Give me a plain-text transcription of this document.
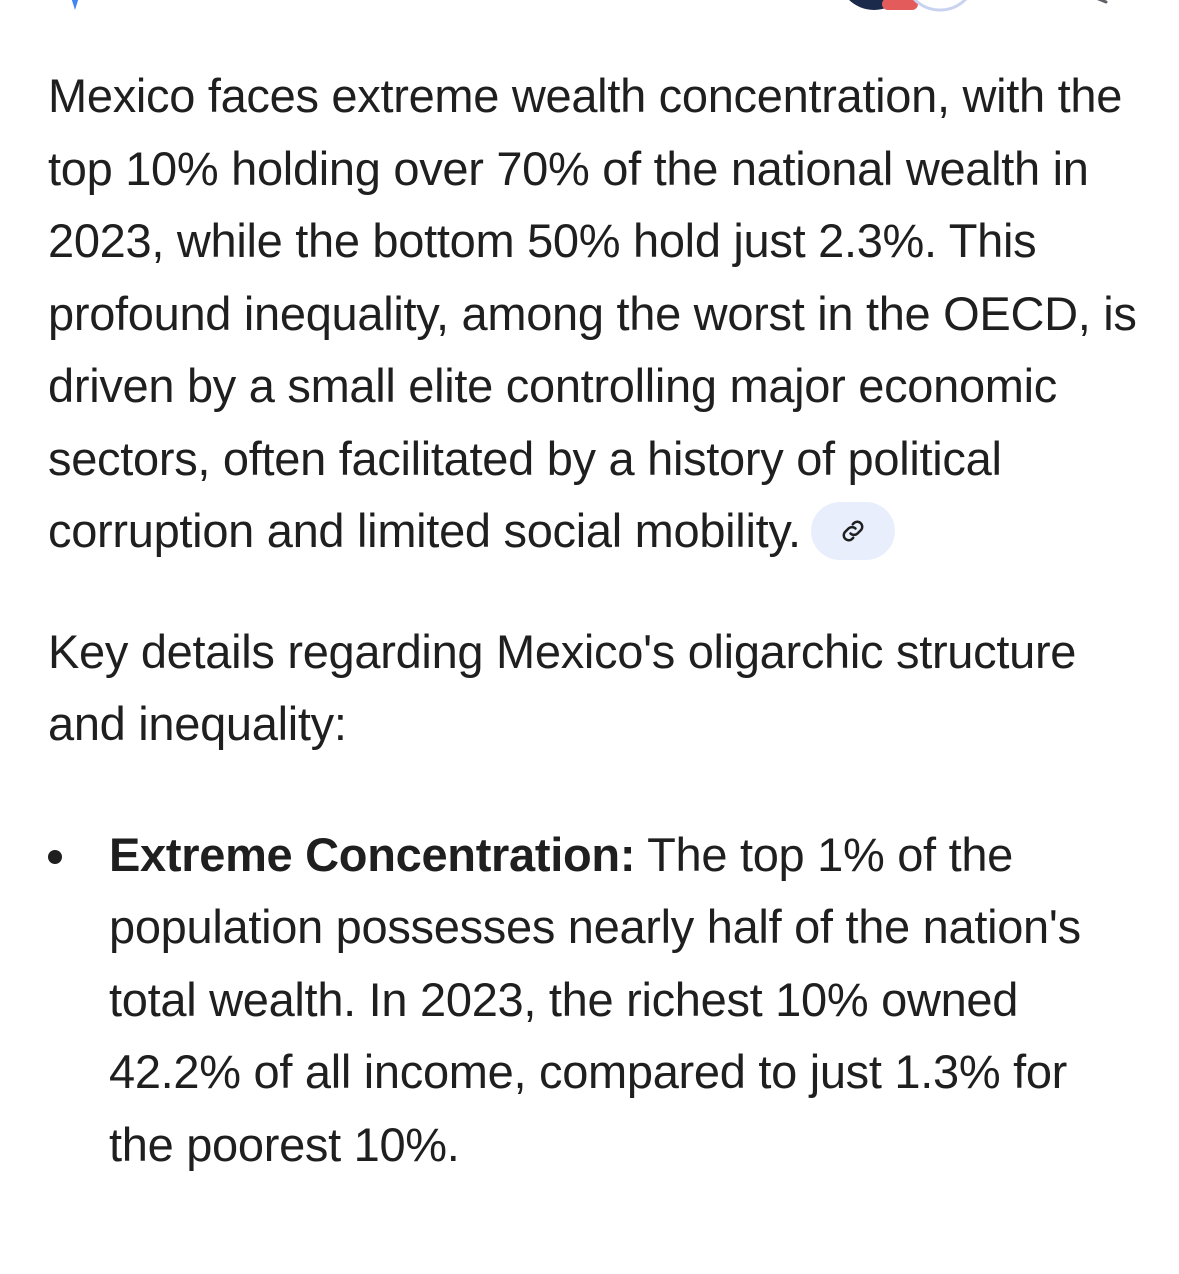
Mexico faces extreme wealth concentration, with the top 10% holding over 70% of the national wealth in 2023, while the bottom 50% hold just 2.3%. This profound inequality, among the worst in the OECD, is driven by a small elite controlling major economic sectors, often facilitated by a history of political corruption and limited social mobility.

Key details regarding Mexico's oligarchic structure and inequality:

Extreme Concentration: The top 1% of the population possesses nearly half of the nation's total wealth. In 2023, the richest 10% owned 42.2% of all income, compared to just 1.3% for the poorest 10%.
